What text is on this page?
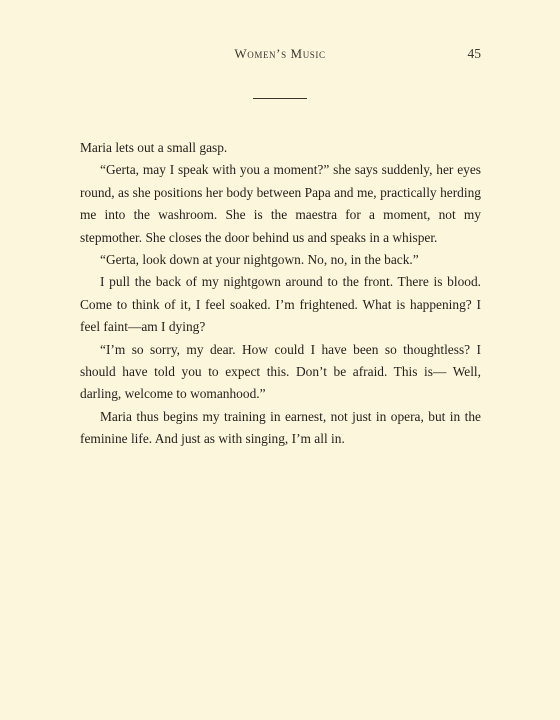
Women’s Music	45

Maria lets out a small gasp.

“Gerta, may I speak with you a moment?” she says suddenly, her eyes round, as she positions her body between Papa and me, practically herding me into the washroom. She is the maestra for a moment, not my stepmother. She closes the door behind us and speaks in a whisper.

“Gerta, look down at your nightgown. No, no, in the back.”

I pull the back of my nightgown around to the front. There is blood. Come to think of it, I feel soaked. I’m frightened. What is happening? I feel faint—am I dying?

“I’m so sorry, my dear. How could I have been so thoughtless? I should have told you to expect this. Don’t be afraid. This is— Well, darling, welcome to womanhood.”

Maria thus begins my training in earnest, not just in opera, but in the feminine life. And just as with singing, I’m all in.
